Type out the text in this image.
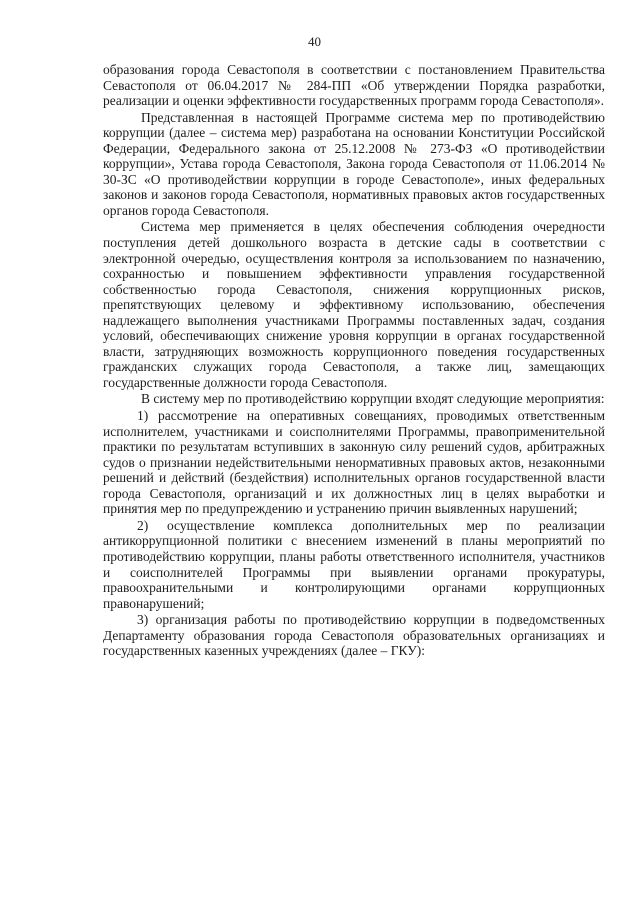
40

образования города Севастополя в соответствии с постановлением Правительства Севастополя от 06.04.2017 № 284-ПП «Об утверждении Порядка разработки, реализации и оценки эффективности государственных программ города Севастополя».

Представленная в настоящей Программе система мер по противодействию коррупции (далее – система мер) разработана на основании Конституции Российской Федерации, Федерального закона от 25.12.2008 № 273-ФЗ «О противодействии коррупции», Устава города Севастополя, Закона города Севастополя от 11.06.2014 № 30-ЗС «О противодействии коррупции в городе Севастополе», иных федеральных законов и законов города Севастополя, нормативных правовых актов государственных органов города Севастополя.

Система мер применяется в целях обеспечения соблюдения очередности поступления детей дошкольного возраста в детские сады в соответствии с электронной очередью, осуществления контроля за использованием по назначению, сохранностью и повышением эффективности управления государственной собственностью города Севастополя, снижения коррупционных рисков, препятствующих целевому и эффективному использованию, обеспечения надлежащего выполнения участниками Программы поставленных задач, создания условий, обеспечивающих снижение уровня коррупции в органах государственной власти, затрудняющих возможность коррупционного поведения государственных гражданских служащих города Севастополя, а также лиц, замещающих государственные должности города Севастополя.

В систему мер по противодействию коррупции входят следующие мероприятия:

1) рассмотрение на оперативных совещаниях, проводимых ответственным исполнителем, участниками и соисполнителями Программы, правоприменительной практики по результатам вступивших в законную силу решений судов, арбитражных судов о признании недействительными ненормативных правовых актов, незаконными решений и действий (бездействия) исполнительных органов государственной власти города Севастополя, организаций и их должностных лиц в целях выработки и принятия мер по предупреждению и устранению причин выявленных нарушений;

2) осуществление комплекса дополнительных мер по реализации антикоррупционной политики с внесением изменений в планы мероприятий по противодействию коррупции, планы работы ответственного исполнителя, участников и соисполнителей Программы при выявлении органами прокуратуры, правоохранительными и контролирующими органами коррупционных правонарушений;

3) организация работы по противодействию коррупции в подведомственных Департаменту образования города Севастополя образовательных организациях и государственных казенных учреждениях (далее – ГКУ):
